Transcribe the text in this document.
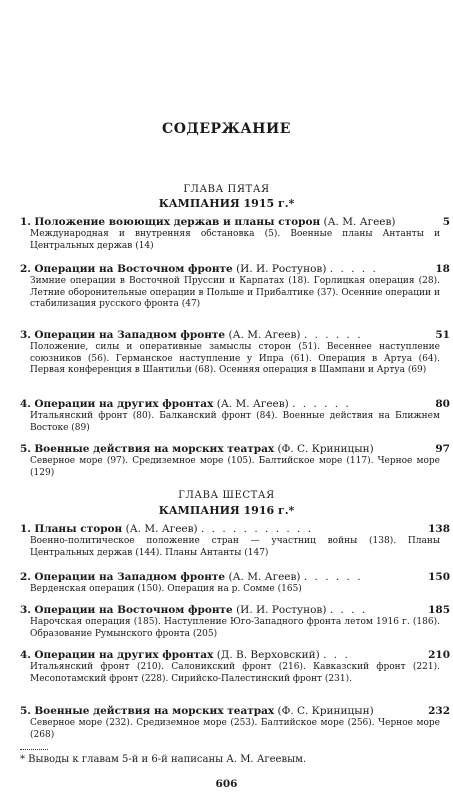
СОДЕРЖАНИЕ
ГЛАВА ПЯТАЯ
КАМПАНИЯ 1915 г.*
1. Положение воюющих держав и планы сторон (А. М. Агеев)	5
Международная и внутренняя обстановка (5). Военные планы Антанты и Центральных держав (14)
2. Операции на Восточном фронте (И. И. Ростунов) . . . . .	18
Зимние операции в Восточной Пруссии и Карпатах (18). Горлицкая операция (28). Летние оборонительные операции в Польше и Прибалтике (37). Осенние операции и стабилизация русского фронта (47)
3. Операции на Западном фронте (А. М. Агеев) . . . . . .	51
Положение, силы и оперативные замыслы сторон (51). Весеннее наступление союзников (56). Германское наступление у Ипра (61). Операция в Артуа (64). Первая конференция в Шантильи (68). Осенняя операция в Шампани и Артуа (69)
4. Операции на других фронтах (А. М. Агеев) . . . . . .	80
Итальянский фронт (80). Балканский фронт (84). Военные действия на Ближнем Востоке (89)
5. Военные действия на морских театрах (Ф. С. Криницын)	97
Северное море (97). Средиземное море (105). Балтийское море (117). Черное море (129)
ГЛАВА ШЕСТАЯ
КАМПАНИЯ 1916 г.*
1. Планы сторон (А. М. Агеев) . . . . . . . . . . .	138
Военно-политическое положение стран — участниц войны (138). Планы Центральных держав (144). Планы Антанты (147)
2. Операции на Западном фронте (А. М. Агеев) . . . . . .	150
Верденская операция (150). Операция на р. Сомме (165)
3. Операции на Восточном фронте (И. И. Ростунов) . . . .	185
Нарочская операция (185). Наступление Юго-Западного фронта летом 1916 г. (186). Образование Румынского фронта (205)
4. Операции на других фронтах (Д. В. Верховский) . . .	210
Итальянский фронт (210). Салоникский фронт (216). Кавказский фронт (221). Месопотамский фронт (228). Сирийско-Палестинский фронт (231).
5. Военные действия на морских театрах (Ф. С. Криницын)	232
Северное море (232). Средиземное море (253). Балтийское море (256). Черное море (268)
* Выводы к главам 5-й и 6-й написаны А. М. Агеевым.
606
